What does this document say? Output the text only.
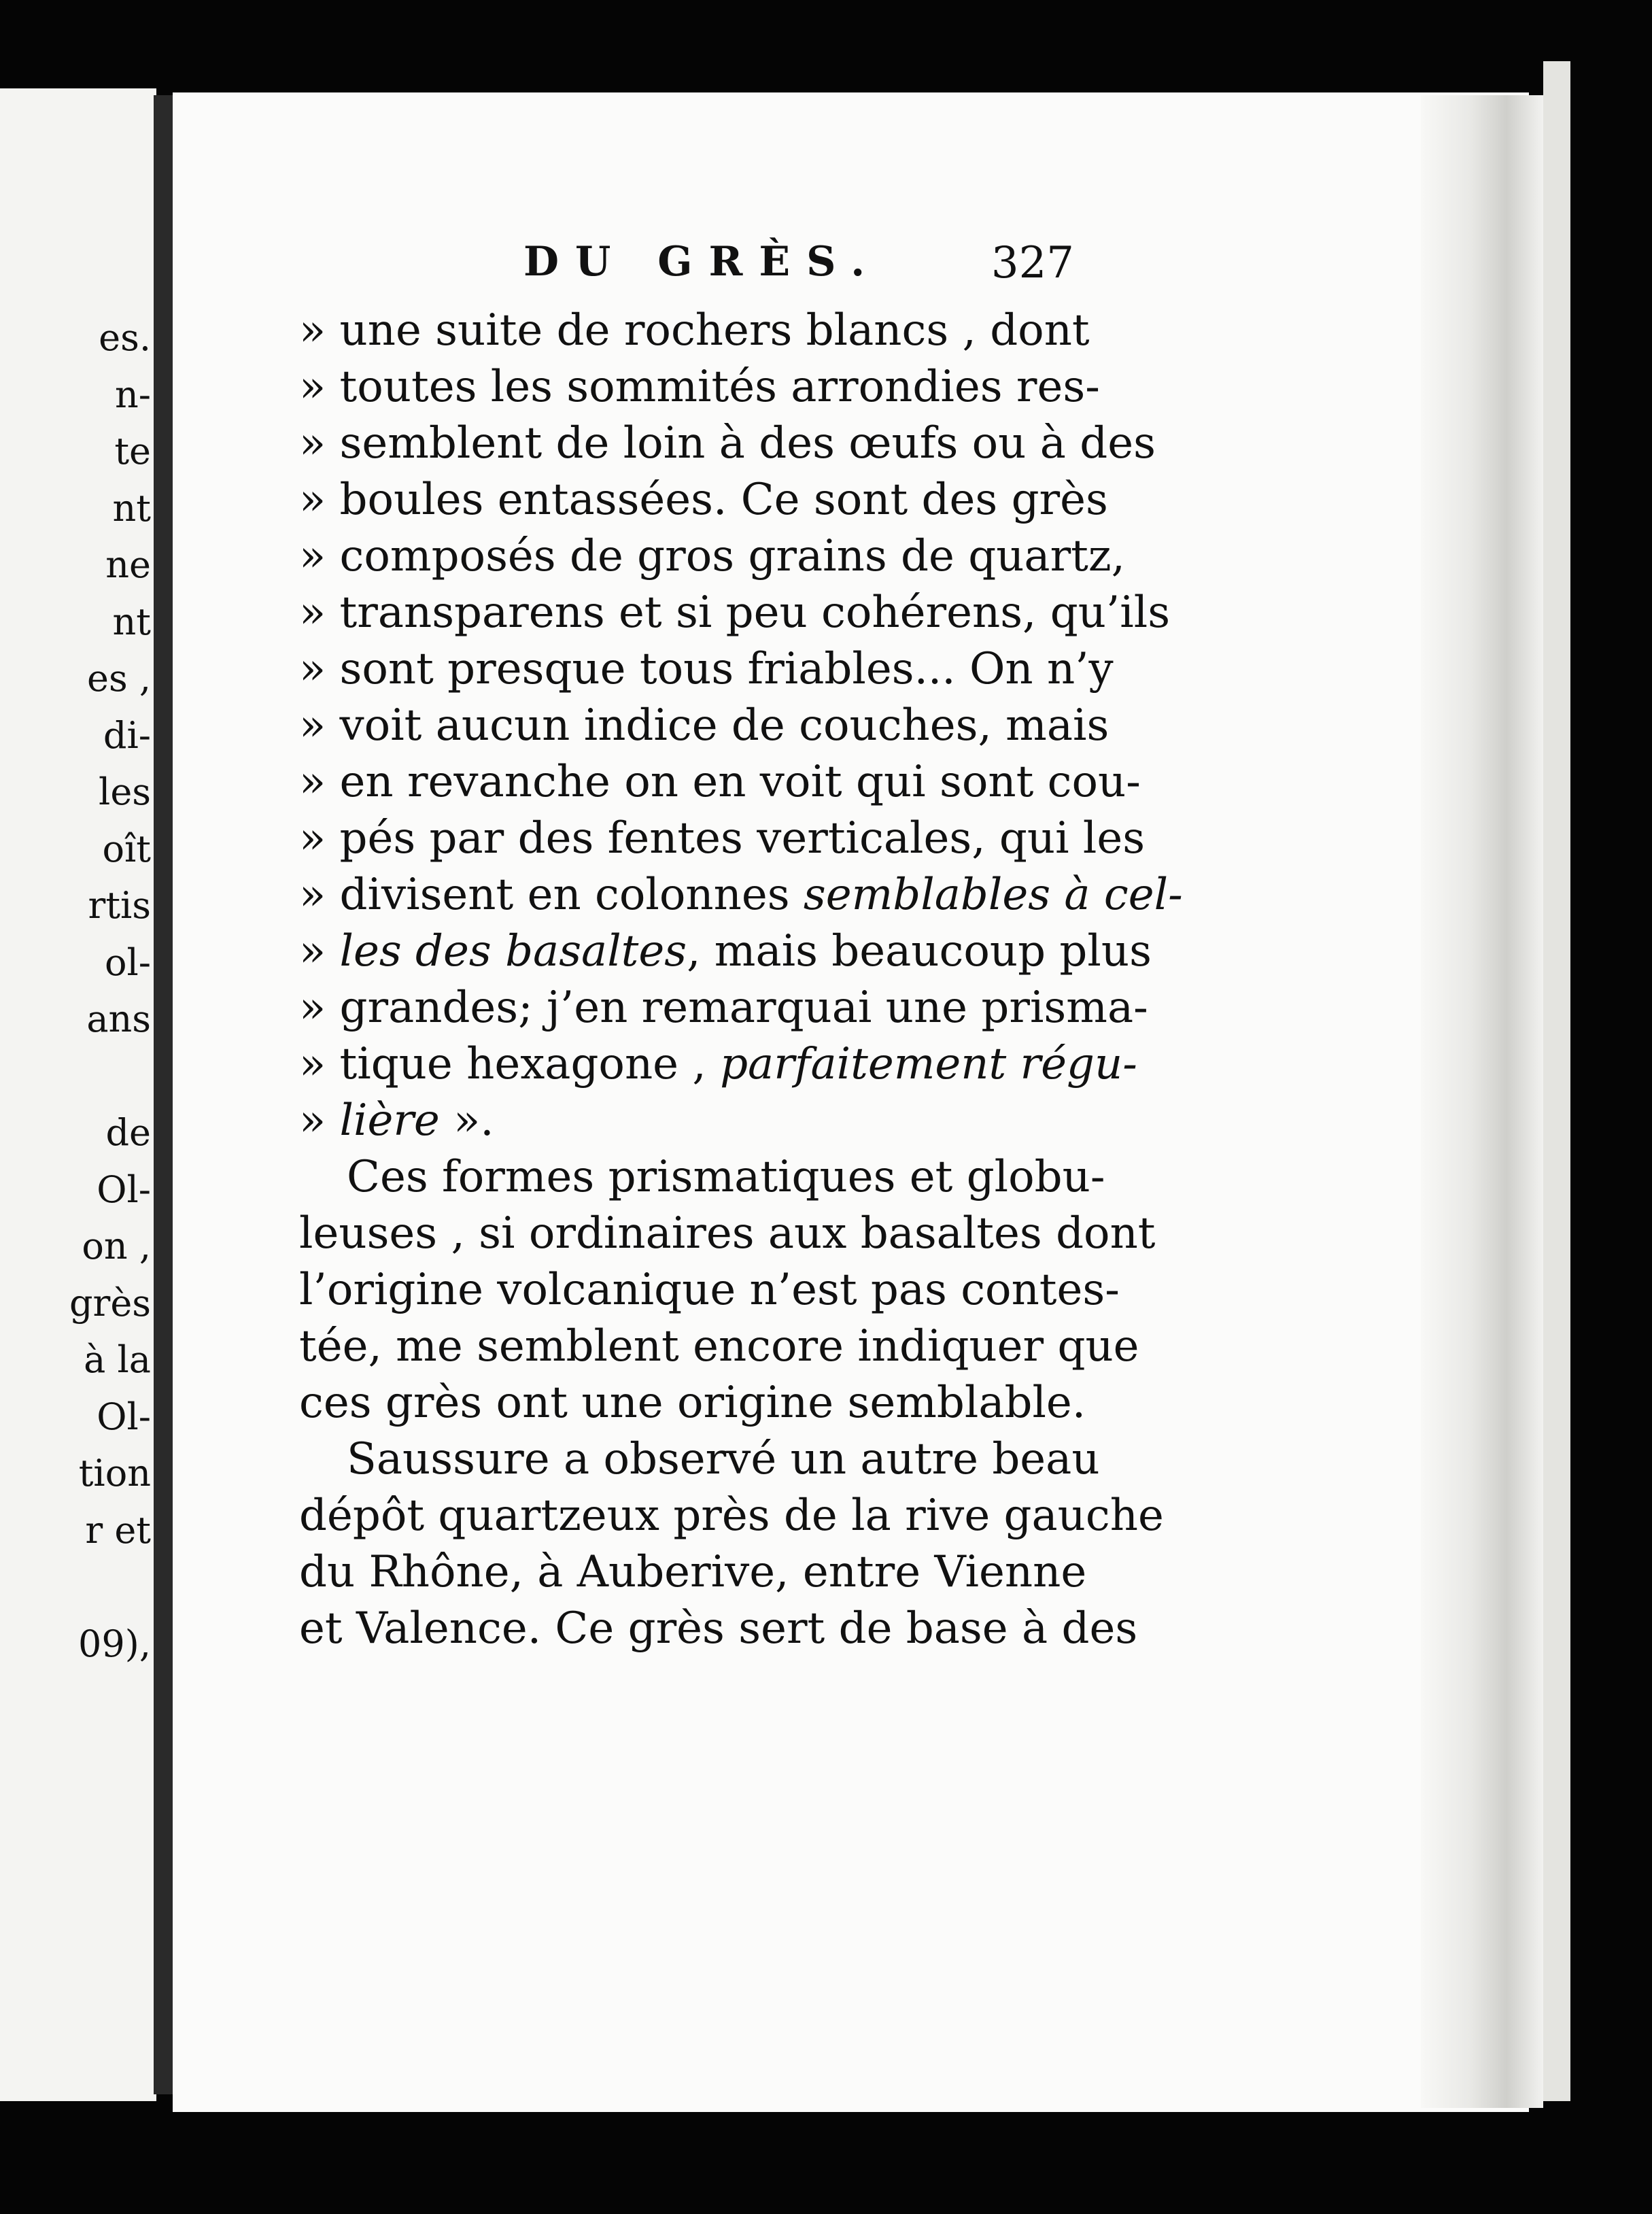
DU GRÈS.	327
» une suite de rochers blancs , dont
» toutes les sommités arrondies res-
» semblent de loin à des œufs ou à des
» boules entassées. Ce sont des grès
» composés de gros grains de quartz,
» transparens et si peu cohérens, qu’ils
» sont presque tous friables... On n’y
» voit aucun indice de couches, mais
» en revanche on en voit qui sont cou-
» pés par des fentes verticales, qui les
» divisent en colonnes semblables à cel-
» les des basaltes, mais beaucoup plus
» grandes; j’en remarquai une prisma-
» tique hexagone , parfaitement régu-
» lière ».
Ces formes prismatiques et globu-
leuses , si ordinaires aux basaltes dont
l’origine volcanique n’est pas contes-
tée, me semblent encore indiquer que
ces grès ont une origine semblable.
Saussure a observé un autre beau
dépôt quartzeux près de la rive gauche
du Rhône, à Auberive, entre Vienne
et Valence. Ce grès sert de base à des
es.
n-
te
nt
ne
nt
es ,
di-
les
oît
rtis
ol-
ans
de
Ol-
on ,
grès
à la
Ol-
tion
r et
09),
